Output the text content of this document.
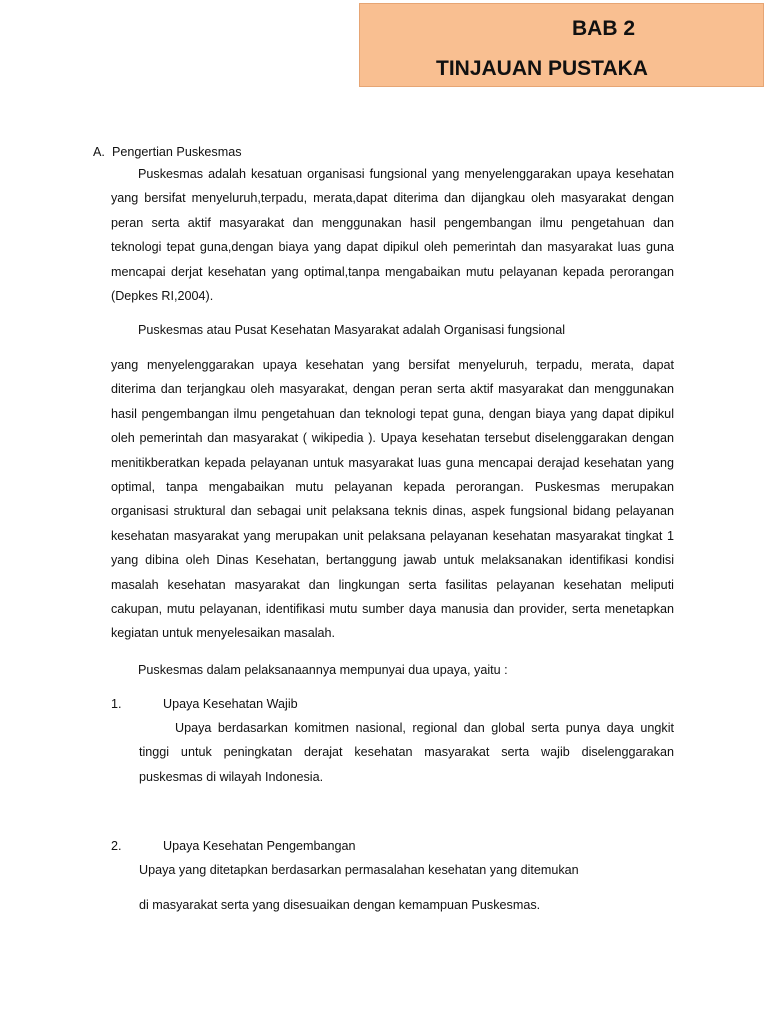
BAB 2
TINJAUAN PUSTAKA
A. Pengertian Puskesmas
Puskesmas adalah kesatuan organisasi fungsional yang menyelenggarakan upaya kesehatan yang bersifat menyeluruh,terpadu, merata,dapat diterima dan dijangkau oleh masyarakat dengan peran serta aktif masyarakat dan menggunakan hasil pengembangan ilmu pengetahuan dan teknologi tepat guna,dengan biaya yang dapat dipikul oleh pemerintah dan masyarakat luas guna mencapai derjat kesehatan yang optimal,tanpa mengabaikan mutu pelayanan kepada perorangan (Depkes RI,2004).
Puskesmas atau Pusat Kesehatan Masyarakat adalah Organisasi fungsional
yang menyelenggarakan upaya kesehatan yang bersifat menyeluruh, terpadu, merata, dapat diterima dan terjangkau oleh masyarakat, dengan peran serta aktif masyarakat dan menggunakan hasil pengembangan ilmu pengetahuan dan teknologi tepat guna, dengan biaya yang dapat dipikul oleh pemerintah dan masyarakat ( wikipedia ). Upaya kesehatan tersebut diselenggarakan dengan menitikberatkan kepada pelayanan untuk masyarakat luas guna mencapai derajad kesehatan yang optimal, tanpa mengabaikan mutu pelayanan kepada perorangan. Puskesmas merupakan organisasi struktural dan sebagai unit pelaksana teknis dinas, aspek fungsional bidang pelayanan kesehatan masyarakat yang merupakan unit pelaksana pelayanan kesehatan masyarakat tingkat 1 yang dibina oleh Dinas Kesehatan, bertanggung jawab untuk melaksanakan identifikasi kondisi masalah kesehatan masyarakat dan lingkungan serta fasilitas pelayanan kesehatan meliputi cakupan, mutu pelayanan, identifikasi mutu sumber daya manusia dan provider, serta menetapkan kegiatan untuk menyelesaikan masalah.
Puskesmas dalam pelaksanaannya mempunyai dua upaya, yaitu :
1.	Upaya Kesehatan Wajib
Upaya berdasarkan komitmen nasional, regional dan global serta punya daya ungkit tinggi untuk peningkatan derajat kesehatan masyarakat serta wajib diselenggarakan puskesmas di wilayah Indonesia.
2.	Upaya Kesehatan Pengembangan
Upaya yang ditetapkan berdasarkan permasalahan kesehatan yang ditemukan
di masyarakat serta yang disesuaikan dengan kemampuan Puskesmas.
